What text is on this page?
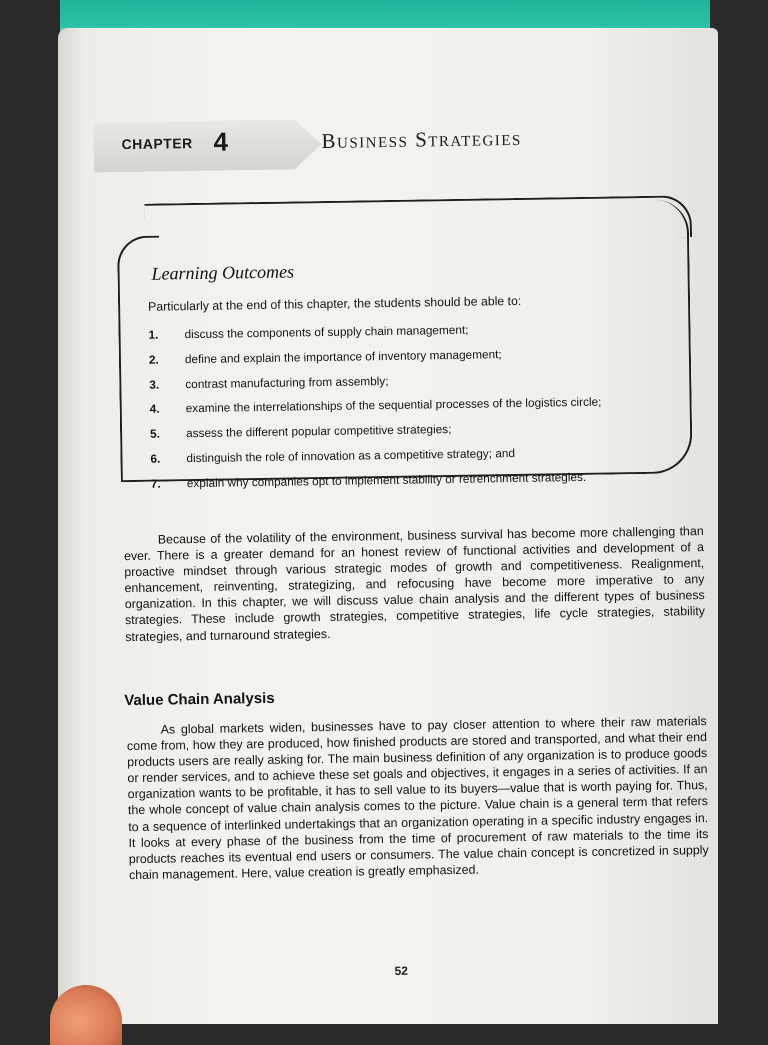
CHAPTER 4	Business Strategies
Learning Outcomes
Particularly at the end of this chapter, the students should be able to:
1.	discuss the components of supply chain management;
2.	define and explain the importance of inventory management;
3.	contrast manufacturing from assembly;
4.	examine the interrelationships of the sequential processes of the logistics circle;
5.	assess the different popular competitive strategies;
6.	distinguish the role of innovation as a competitive strategy; and
7.	explain why companies opt to implement stability or retrenchment strategies.

Because of the volatility of the environment, business survival has become more challenging than ever. There is a greater demand for an honest review of functional activities and development of a proactive mindset through various strategic modes of growth and competitiveness. Realignment, enhancement, reinventing, strategizing, and refocusing have become more imperative to any organization. In this chapter, we will discuss value chain analysis and the different types of business strategies. These include growth strategies, competitive strategies, life cycle strategies, stability strategies, and turnaround strategies.

Value Chain Analysis

As global markets widen, businesses have to pay closer attention to where their raw materials come from, how they are produced, how finished products are stored and transported, and what their end products users are really asking for. The main business definition of any organization is to produce goods or render services, and to achieve these set goals and objectives, it engages in a series of activities. If an organization wants to be profitable, it has to sell value to its buyers—value that is worth paying for. Thus, the whole concept of value chain analysis comes to the picture. Value chain is a general term that refers to a sequence of interlinked undertakings that an organization operating in a specific industry engages in. It looks at every phase of the business from the time of procurement of raw materials to the time its products reaches its eventual end users or consumers. The value chain concept is concretized in supply chain management. Here, value creation is greatly emphasized.

52
